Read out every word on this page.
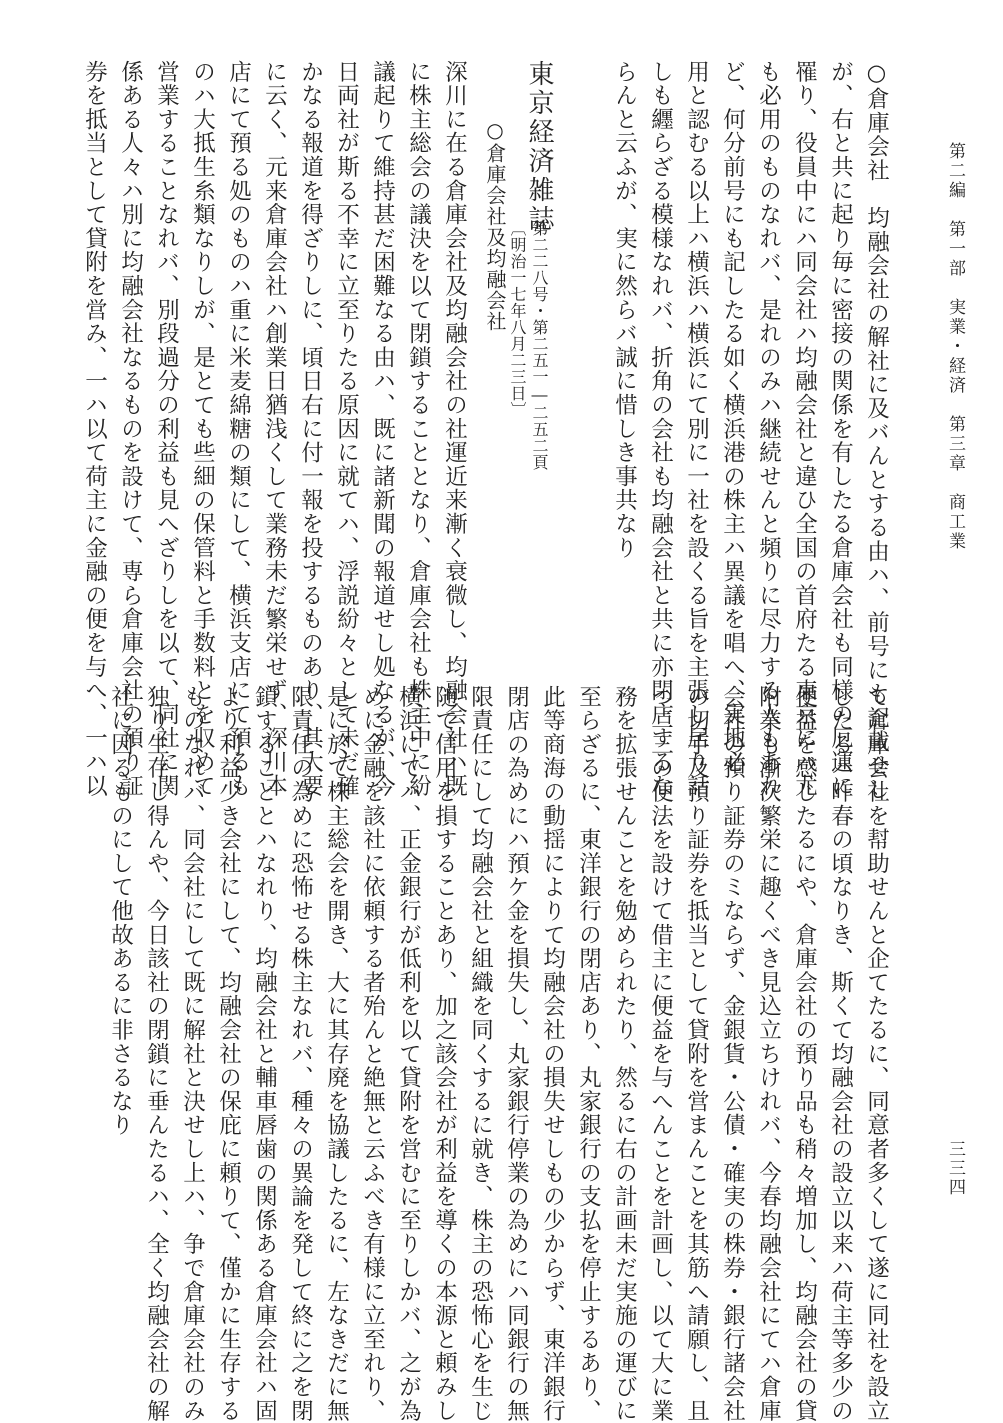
第二編　第一部　実業・経済　第三章　商工業
三三四
○倉庫会社　均融会社の解社に及バんとする由ハ、前号にも記載せし
が、右と共に起り毎に密接の関係を有したる倉庫会社も同様の厄運に
罹り、役員中にハ同会社ハ均融会社と違ひ全国の首府たる東京にハ尤
も必用のものなれバ、是れのみハ継続せんと頻りに尽力する人もあれ
ど、何分前号にも記したる如く横浜港の株主ハ異議を唱へ、実地必
用と認むる以上ハ横浜ハ横浜にて別に一社を設くる旨を主張し居り話
しも纒らざる模様なれバ、折角の会社も均融会社と共に亦閉店するな
らんと云ふが、実に然らバ誠に惜しき事共なり
東京経済雑誌
第二二八号・第二五一―二五二頁
〔明治一七年八月二三日〕
○倉庫会社及均融会社
深川に在る倉庫会社及均融会社の社運近来漸く衰微し、均融会社ハ既
に株主総会の議決を以て閉鎖することとなり、倉庫会社も株主中に紛
議起りて維持甚だ困難なる由ハ、既に諸新聞の報道せし処なるが、今
日両社が斯る不幸に立至りたる原因に就てハ、浮説紛々として未だ確
かなる報道を得ざりしに、頃日右に付一報を投するものあり、其大要
に云く、元来倉庫会社ハ創業日猶浅くして業務未だ繁栄せず、深川本
店にて預る処のものハ重に米麦綿糖の類にして、横浜支店にて預るも
のハ大抵生糸類なりしが、是とても些細の保管料と手数料とを収めて
営業することなれバ、別段過分の利益も見へざりしを以て、同社に関
係ある人々ハ別に均融会社なるものを設けて、専ら倉庫会社の預り証
券を抵当として貸附を営み、一ハ以て荷主に金融の便を与へ、一ハ以
て倉庫会社を幇助せんと企てたるに、同意者多くして遂に同社を設立
したるハ昨春の頃なりき、斯くて均融会社の設立以来ハ荷主等多少の
便益を感じたるにや、倉庫会社の預り品も稍々増加し、均融会社の貸
附業も漸次繁栄に趣くべき見込立ちけれバ、今春均融会社にてハ倉庫
会社の預り証券のミならず、金銀貨・公債・確実の株券・銀行諸会社
の切手及預り証券を抵当として貸附を営まんことを其筋へ請願し、且
つ二三の便法を設けて借主に便益を与へんことを計画し、以て大に業
務を拡張せんことを勉められたり、然るに右の計画未だ実施の運びに
至らざるに、東洋銀行の閉店あり、丸家銀行の支払を停止するあり、
此等商海の動揺によりて均融会社の損失せしもの少からず、東洋銀行
閉店の為めにハ預ケ金を損失し、丸家銀行停業の為めにハ同銀行の無
限責任にして均融会社と組織を同くするに就き、株主の恐怖心を生じ
随て信用を損することあり、加之該会社が利益を導くの本源と頼みし
横浜にてハ、正金銀行が低利を以て貸附を営むに至りしかバ、之が為
めに金融を該社に依頼する者殆んと絶無と云ふべき有様に立至れり、
是に於て株主総会を開き、大に其存廃を協議したるに、左なきだに無
限責任の為めに恐怖せる株主なれバ、種々の異論を発して終に之を閉
鎖することとハなれり、均融会社と輔車唇歯の関係ある倉庫会社ハ固
より利益少き会社にして、均融会社の保庇に頼りて、僅かに生存する
ものなれバ、同会社にして既に解社と決せし上ハ、争で倉庫会社のみ
独り生存し得んや、今日該社の閉鎖に垂んたるハ、全く均融会社の解
社に因るものにして他故あるに非さるなり
